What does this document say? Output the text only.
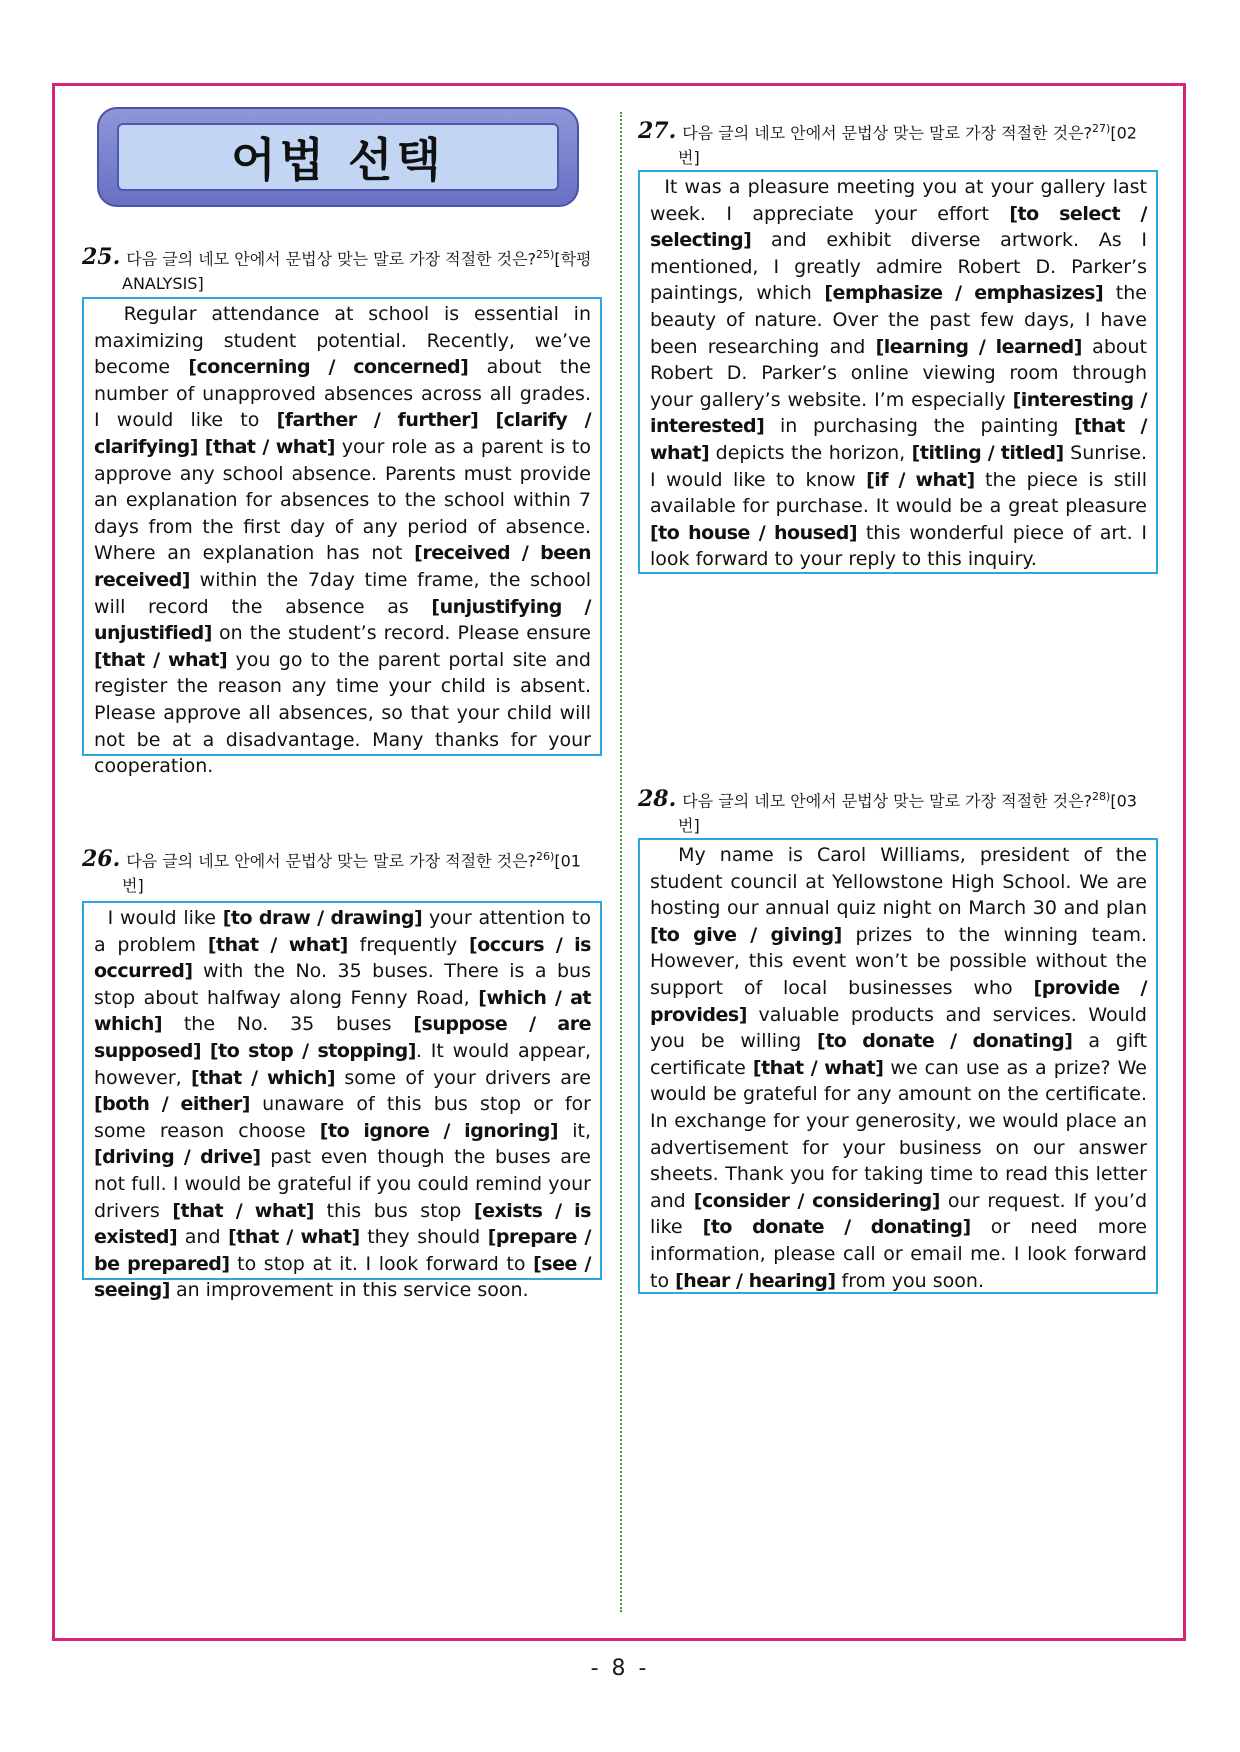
어법 선택
25. 다음 글의 네모 안에서 문법상 맞는 말로 가장 적절한 것은?$^{25)}$[학평
ANALYSIS]
Regular attendance at school is essential in maximizing student potential. Recently, we’ve become [concerning / concerned] about the number of unapproved absences across all grades. I would like to [farther / further] [clarify / clarifying] [that / what] your role as a parent is to approve any school absence. Parents must provide an explanation for absences to the school within 7 days from the first day of any period of absence. Where an explanation has not [received / been received] within the 7day time frame, the school will record the absence as [unjustifying / unjustified] on the student’s record. Please ensure [that / what] you go to the parent portal site and register the reason any time your child is absent. Please approve all absences, so that your child will not be at a disadvantage. Many thanks for your cooperation.
26. 다음 글의 네모 안에서 문법상 맞는 말로 가장 적절한 것은?$^{26)}$[01
번]
I would like [to draw / drawing] your attention to a problem [that / what] frequently [occurs / is occurred] with the No. 35 buses. There is a bus stop about halfway along Fenny Road, [which / at which] the No. 35 buses [suppose / are supposed] [to stop / stopping]. It would appear, however, [that / which] some of your drivers are [both / either] unaware of this bus stop or for some reason choose [to ignore / ignoring] it, [driving / drive] past even though the buses are not full. I would be grateful if you could remind your drivers [that / what] this bus stop [exists / is existed] and [that / what] they should [prepare / be prepared] to stop at it. I look forward to [see / seeing] an improvement in this service soon.
27. 다음 글의 네모 안에서 문법상 맞는 말로 가장 적절한 것은?$^{27)}$[02
번]
It was a pleasure meeting you at your gallery last week. I appreciate your effort [to select / selecting] and exhibit diverse artwork. As I mentioned, I greatly admire Robert D. Parker’s paintings, which [emphasize / emphasizes] the beauty of nature. Over the past few days, I have been researching and [learning / learned] about Robert D. Parker’s online viewing room through your gallery’s website. I’m especially [interesting / interested] in purchasing the painting [that / what] depicts the horizon, [titling / titled] Sunrise. I would like to know [if / what] the piece is still available for purchase. It would be a great pleasure [to house / housed] this wonderful piece of art. I look forward to your reply to this inquiry.
28. 다음 글의 네모 안에서 문법상 맞는 말로 가장 적절한 것은?$^{28)}$[03
번]
My name is Carol Williams, president of the student council at Yellowstone High School. We are hosting our annual quiz night on March 30 and plan [to give / giving] prizes to the winning team. However, this event won’t be possible without the support of local businesses who [provide / provides] valuable products and services. Would you be willing [to donate / donating] a gift certificate [that / what] we can use as a prize? We would be grateful for any amount on the certificate. In exchange for your generosity, we would place an advertisement for your business on our answer sheets. Thank you for taking time to read this letter and [consider / considering] our request. If you’d like [to donate / donating] or need more information, please call or email me. I look forward to [hear / hearing] from you soon.
- 8 -
